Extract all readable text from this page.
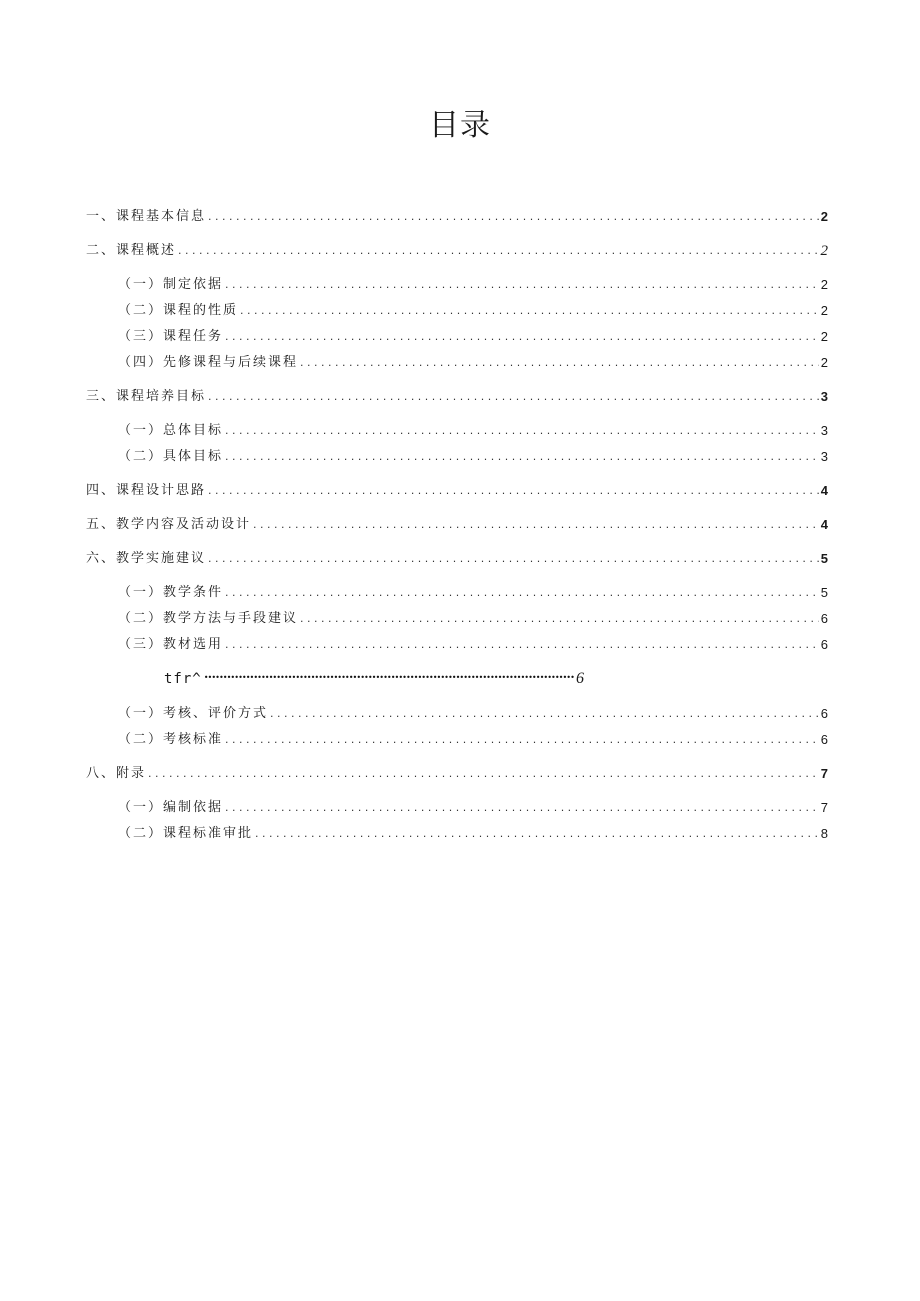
目录
一、课程基本信息 . . .	2
二、课程概述 . . .	2
（一）制定依据 . . .	2
（二）课程的性质 . . .	2
（三）课程任务 . . .	2
（四）先修课程与后续课程 . . .	2
三、课程培养目标 . . .	3
（一）总体目标 . . .	3
（二）具体目标 . . .	3
四、课程设计思路 . . .	4
五、教学内容及活动设计 . . .	4
六、教学实施建议 . . .	5
（一）教学条件 . . .	5
（二）教学方法与手段建议 . . .	6
（三）教材选用 . . .	6
tfr^ •••••	6
（一）考核、评价方式 . . .	6
（二）考核标准 . . .	6
八、附录 . . .	7
（一）编制依据 . . .	7
（二）课程标准审批 . . .	8
